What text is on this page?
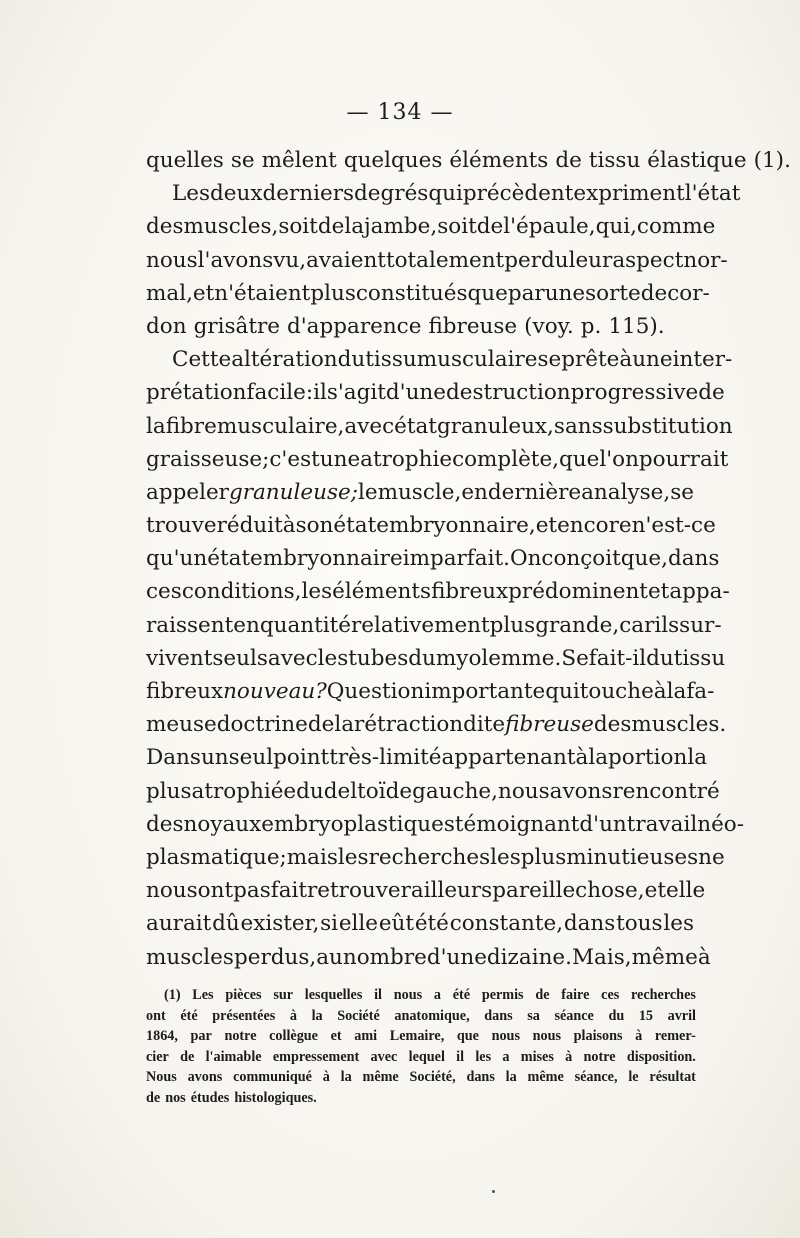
— 134 —
quelles se mêlent quelques éléments de tissu élastique (1).
Les deux derniers degrés qui précèdent expriment l'état
des muscles, soit de la jambe, soit de l'épaule, qui, comme
nous l'avons vu, avaient totalement perdu leur aspect nor-
mal, et n'étaient plus constitués que par une sorte de cor-
don grisâtre d'apparence fibreuse (voy. p. 115).
Cette altération du tissu musculaire se prête à une inter-
prétation facile : il s'agit d'une destruction progressive de
la fibre musculaire, avec état granuleux, sans substitution
graisseuse ; c'est une atrophie complète, que l'on pourrait
appeler granuleuse; le muscle, en dernière analyse, se
trouve réduit à son état embryonnaire, et encore n'est-ce
qu'un état embryonnaire imparfait. On conçoit que, dans
ces conditions, les éléments fibreux prédominent et appa-
raissent en quantité relativement plus grande, car ils sur-
vivent seuls avec les tubes du myolemme. Se fait-il du tissu
fibreux nouveau? Question importante qui touche à la fa-
meuse doctrine de la rétraction dite fibreuse des muscles.
Dans un seul point très-limité appartenant à la portion la
plus atrophiée du deltoïde gauche, nous avons rencontré
des noyaux embryoplastiques témoignant d'un travail néo-
plasmatique ; mais les recherches les plus minutieuses ne
nous ont pas fait retrouver ailleurs pareille chose, et elle
aurait dû exister, si elle eût été constante, dans tous les
muscles perdus, au nombre d'une dizaine. Mais, même à
(1) Les pièces sur lesquelles il nous a été permis de faire ces recherches
ont été présentées à la Société anatomique, dans sa séance du 15 avril
1864, par notre collègue et ami Lemaire, que nous nous plaisons à remer-
cier de l'aimable empressement avec lequel il les a mises à notre disposition.
Nous avons communiqué à la même Société, dans la même séance, le résultat
de nos études histologiques.
